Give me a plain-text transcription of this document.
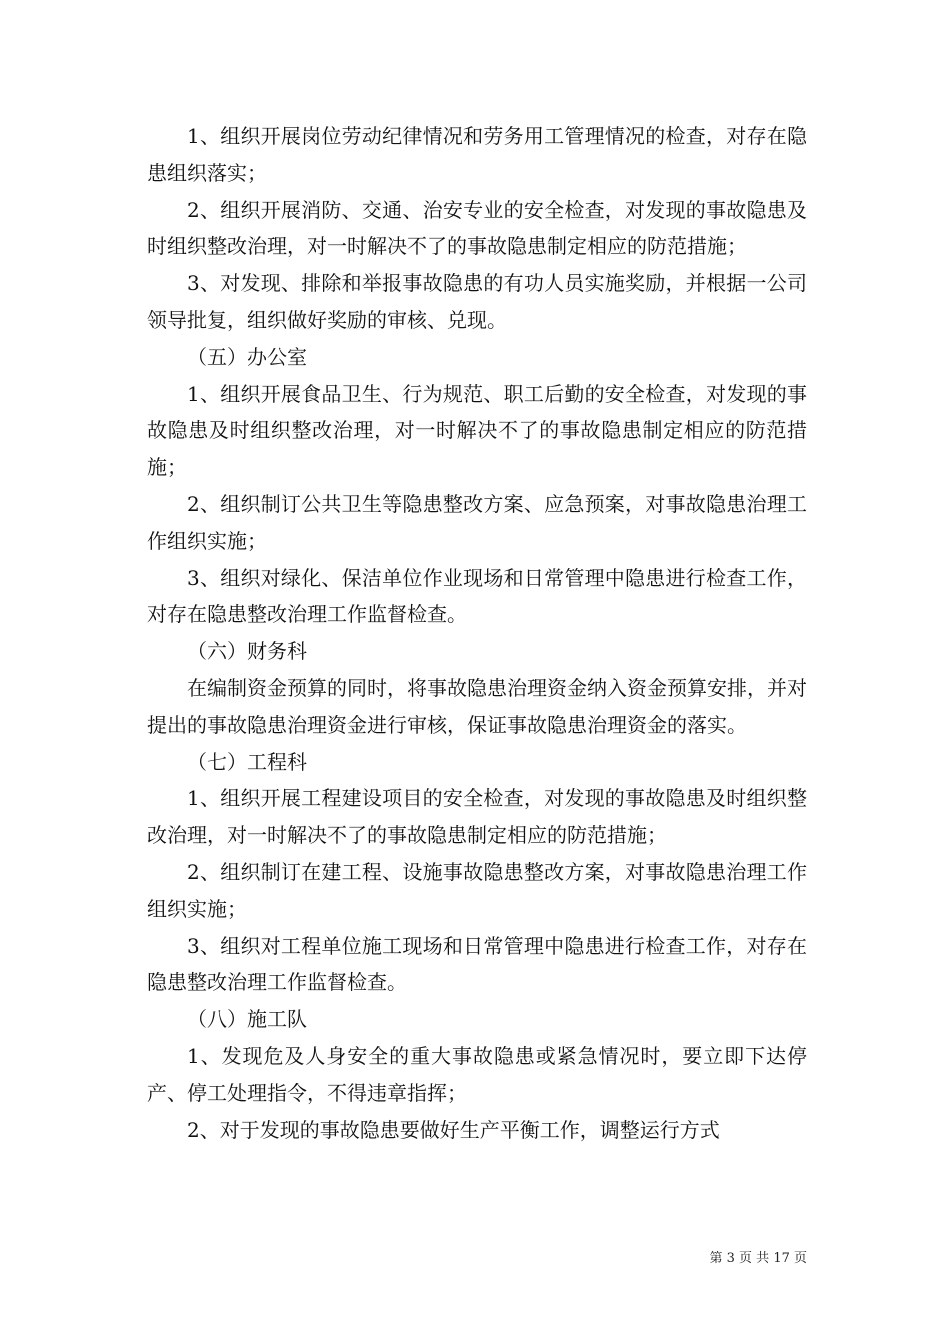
1、组织开展岗位劳动纪律情况和劳务用工管理情况的检查，对存在隐患组织落实；

2、组织开展消防、交通、治安专业的安全检查，对发现的事故隐患及时组织整改治理，对一时解决不了的事故隐患制定相应的防范措施；

3、对发现、排除和举报事故隐患的有功人员实施奖励，并根据一公司领导批复，组织做好奖励的审核、兑现。

（五）办公室

1、组织开展食品卫生、行为规范、职工后勤的安全检查，对发现的事故隐患及时组织整改治理，对一时解决不了的事故隐患制定相应的防范措施；

2、组织制订公共卫生等隐患整改方案、应急预案，对事故隐患治理工作组织实施；

3、组织对绿化、保洁单位作业现场和日常管理中隐患进行检查工作，对存在隐患整改治理工作监督检查。

（六）财务科

在编制资金预算的同时，将事故隐患治理资金纳入资金预算安排，并对提出的事故隐患治理资金进行审核，保证事故隐患治理资金的落实。

（七）工程科

1、组织开展工程建设项目的安全检查，对发现的事故隐患及时组织整改治理，对一时解决不了的事故隐患制定相应的防范措施；

2、组织制订在建工程、设施事故隐患整改方案，对事故隐患治理工作组织实施；

3、组织对工程单位施工现场和日常管理中隐患进行检查工作，对存在隐患整改治理工作监督检查。

（八）施工队

1、发现危及人身安全的重大事故隐患或紧急情况时，要立即下达停产、停工处理指令，不得违章指挥；

2、对于发现的事故隐患要做好生产平衡工作，调整运行方式

第 3 页 共 17 页
